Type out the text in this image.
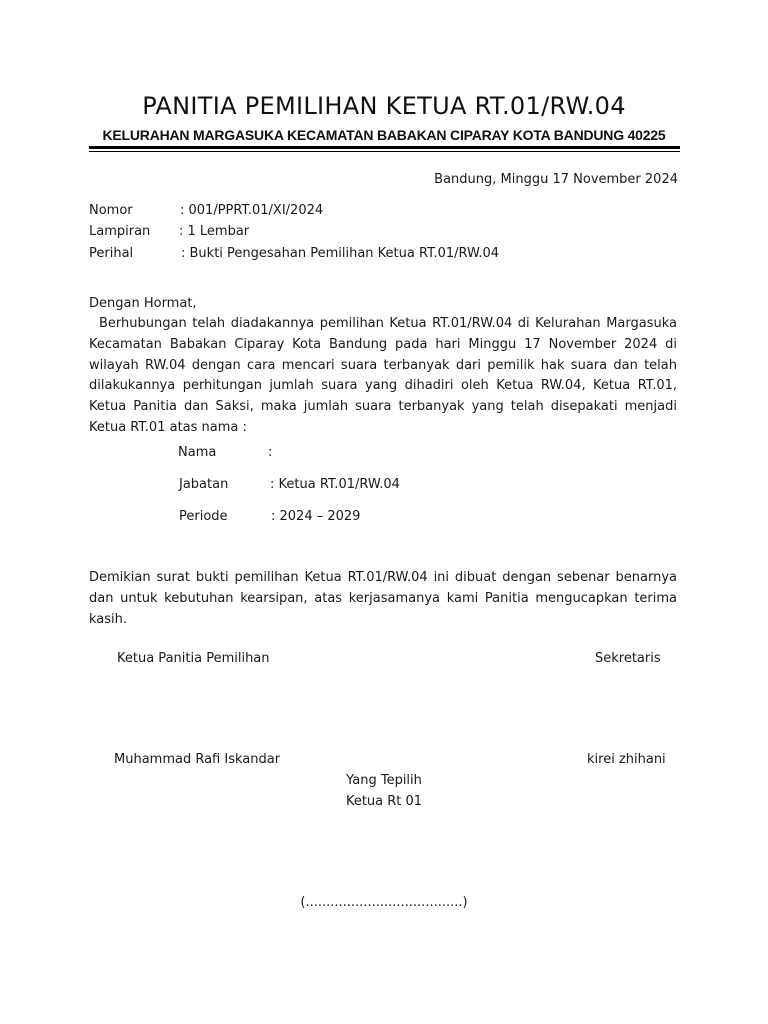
PANITIA PEMILIHAN KETUA RT.01/RW.04
KELURAHAN MARGASUKA KECAMATAN BABAKAN CIPARAY KOTA BANDUNG 40225
Bandung, Minggu 17 November 2024
Nomor	: 001/PPRT.01/XI/2024
Lampiran : 1 Lembar
Perihal	: Bukti Pengesahan Pemilihan Ketua RT.01/RW.04
Dengan Hormat,
Berhubungan telah diadakannya pemilihan Ketua RT.01/RW.04 di Kelurahan Margasuka Kecamatan Babakan Ciparay Kota Bandung pada hari Minggu 17 November 2024 di wilayah RW.04 dengan cara mencari suara terbanyak dari pemilik hak suara dan telah dilakukannya perhitungan jumlah suara yang dihadiri oleh Ketua RW.04, Ketua RT.01, Ketua Panitia dan Saksi, maka jumlah suara terbanyak yang telah disepakati menjadi Ketua RT.01 atas nama :
Nama	:
Jabatan	: Ketua RT.01/RW.04
Periode	: 2024 – 2029
Demikian surat bukti pemilihan Ketua RT.01/RW.04 ini dibuat dengan sebenar benarnya dan untuk kebutuhan kearsipan, atas kerjasamanya kami Panitia mengucapkan terima kasih.
Ketua Panitia Pemilihan	Sekretaris
Muhammad Rafi Iskandar	kirei zhihani
Yang Tepilih
Ketua Rt 01
(......................................)
